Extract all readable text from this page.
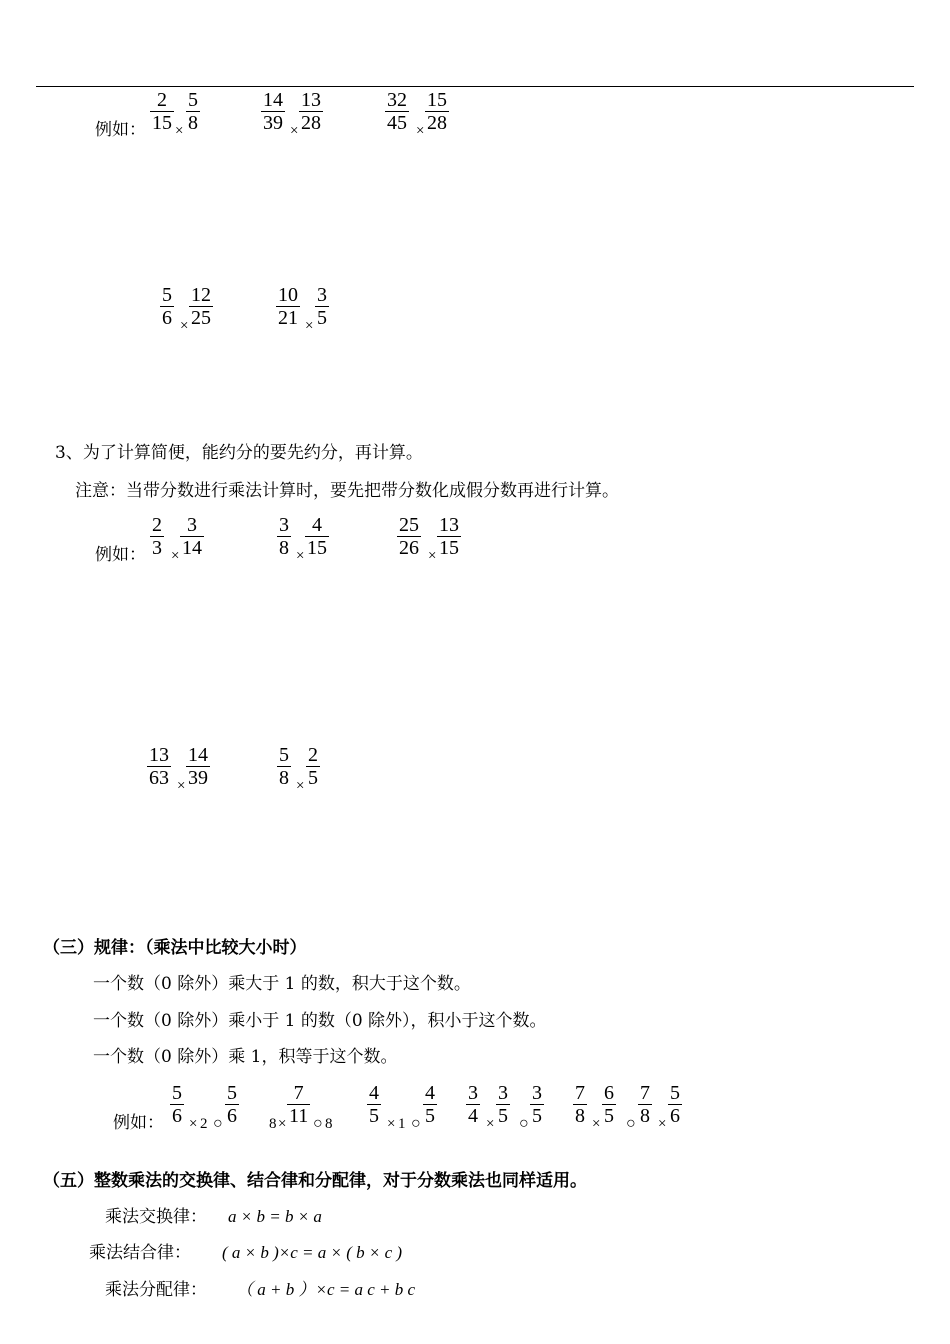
例如：
2
15 ×
5
8
14
39 ×
13
28
32
45 ×
15
28
5
6 ×
12
25
10
21 ×
3
5
3、为了计算简便，能约分的要先约分，再计算。
注意：当带分数进行乘法计算时，要先把带分数化成假分数再进行计算。
例如：
2
3 ×
3
14
3
8 ×
4
15
25
26 ×
13
15
13
63 ×
14
39
5
8 ×
2
5
（三）规律：（乘法中比较大小时）
一个数（0 除外）乘大于 1 的数，积大于这个数。
一个数（0 除外）乘小于 1 的数（0 除外），积小于这个数。
一个数（0 除外）乘 1，积等于这个数。
例如：
5
6 × 2 ○
5
6 8 ×
7
11 ○ 8
4
5 × 1 ○
4
5
3
4 ×
3
5 ○
3
5
7
8 ×
6
5 ○
7
8 ×
5
6
（五）整数乘法的交换律、结合律和分配律，对于分数乘法也同样适用。
乘法交换律： a × b = b × a
乘法结合律： ( a × b )×c = a × ( b × c )
乘法分配律： （ a + b ）×c = a c + b c
